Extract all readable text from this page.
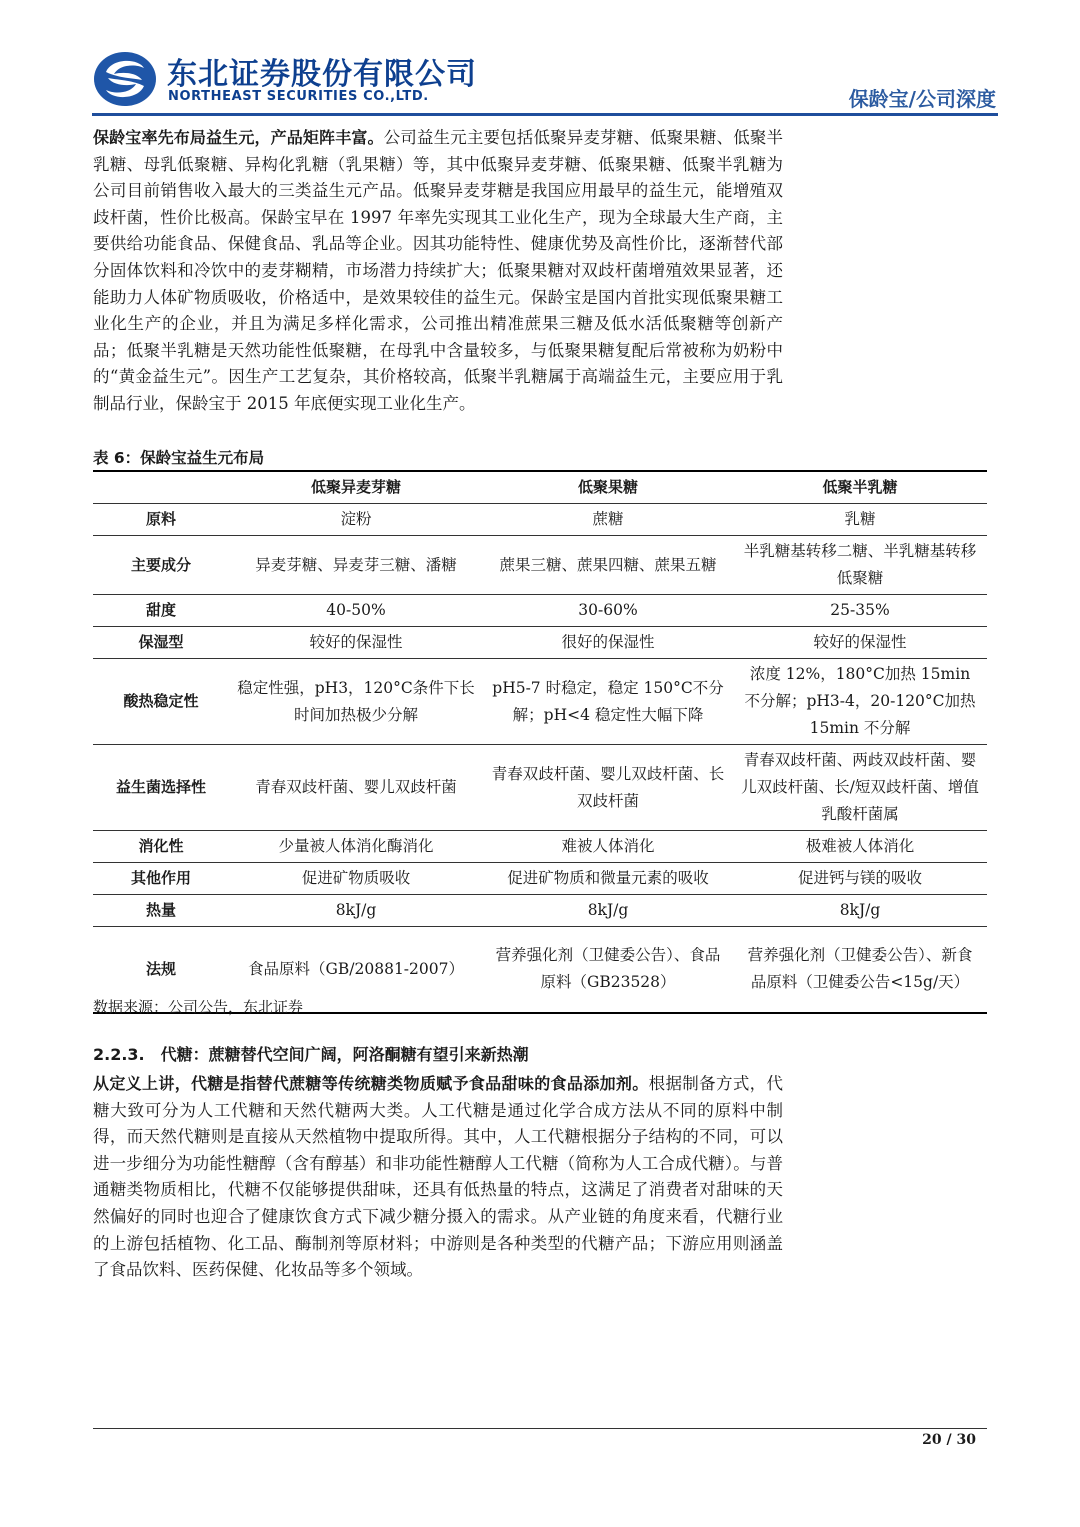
东北证券股份有限公司
NORTHEAST SECURITIES CO.,LTD.	保龄宝/公司深度

保龄宝率先布局益生元，产品矩阵丰富。公司益生元主要包括低聚异麦芽糖、低聚果糖、低聚半乳糖、母乳低聚糖、异构化乳糖（乳果糖）等，其中低聚异麦芽糖、低聚果糖、低聚半乳糖为公司目前销售收入最大的三类益生元产品。低聚异麦芽糖是我国应用最早的益生元，能增殖双歧杆菌，性价比极高。保龄宝早在 1997 年率先实现其工业化生产，现为全球最大生产商，主要供给功能食品、保健食品、乳品等企业。因其功能特性、健康优势及高性价比，逐渐替代部分固体饮料和冷饮中的麦芽糊精，市场潜力持续扩大；低聚果糖对双歧杆菌增殖效果显著，还能助力人体矿物质吸收，价格适中，是效果较佳的益生元。保龄宝是国内首批实现低聚果糖工业化生产的企业，并且为满足多样化需求，公司推出精准蔗果三糖及低水活低聚糖等创新产品；低聚半乳糖是天然功能性低聚糖，在母乳中含量较多，与低聚果糖复配后常被称为奶粉中的“黄金益生元”。因生产工艺复杂，其价格较高，低聚半乳糖属于高端益生元，主要应用于乳制品行业，保龄宝于 2015 年底便实现工业化生产。

表 6：保龄宝益生元布局
	低聚异麦芽糖	低聚果糖	低聚半乳糖
原料	淀粉	蔗糖	乳糖
主要成分	异麦芽糖、异麦芽三糖、潘糖	蔗果三糖、蔗果四糖、蔗果五糖	半乳糖基转移二糖、半乳糖基转移低聚糖
甜度	40-50%	30-60%	25-35%
保湿型	较好的保湿性	很好的保湿性	较好的保湿性
酸热稳定性	稳定性强，pH3，120°C条件下长时间加热极少分解	pH5-7 时稳定，稳定 150°C不分解；pH<4 稳定性大幅下降	浓度 12%，180°C加热 15min 不分解；pH3-4，20-120°C加热 15min 不分解
益生菌选择性	青春双歧杆菌、婴儿双歧杆菌	青春双歧杆菌、婴儿双歧杆菌、长双歧杆菌	青春双歧杆菌、两歧双歧杆菌、婴儿双歧杆菌、长/短双歧杆菌、增值乳酸杆菌属
消化性	少量被人体消化酶消化	难被人体消化	极难被人体消化
其他作用	促进矿物质吸收	促进矿物质和微量元素的吸收	促进钙与镁的吸收
热量	8kJ/g	8kJ/g	8kJ/g
法规	食品原料（GB/20881-2007）	营养强化剂（卫健委公告）、食品原料（GB23528）	营养强化剂（卫健委公告）、新食品原料（卫健委公告<15g/天）
数据来源：公司公告，东北证券
2.2.3. 代糖：蔗糖替代空间广阔，阿洛酮糖有望引来新热潮

从定义上讲，代糖是指替代蔗糖等传统糖类物质赋予食品甜味的食品添加剂。根据制备方式，代糖大致可分为人工代糖和天然代糖两大类。人工代糖是通过化学合成方法从不同的原料中制得，而天然代糖则是直接从天然植物中提取所得。其中，人工代糖根据分子结构的不同，可以进一步细分为功能性糖醇（含有醇基）和非功能性糖醇人工代糖（简称为人工合成代糖）。与普通糖类物质相比，代糖不仅能够提供甜味，还具有低热量的特点，这满足了消费者对甜味的天然偏好的同时也迎合了健康饮食方式下减少糖分摄入的需求。从产业链的角度来看，代糖行业的上游包括植物、化工品、酶制剂等原材料；中游则是各种类型的代糖产品；下游应用则涵盖了食品饮料、医药保健、化妆品等多个领域。

20 / 30
